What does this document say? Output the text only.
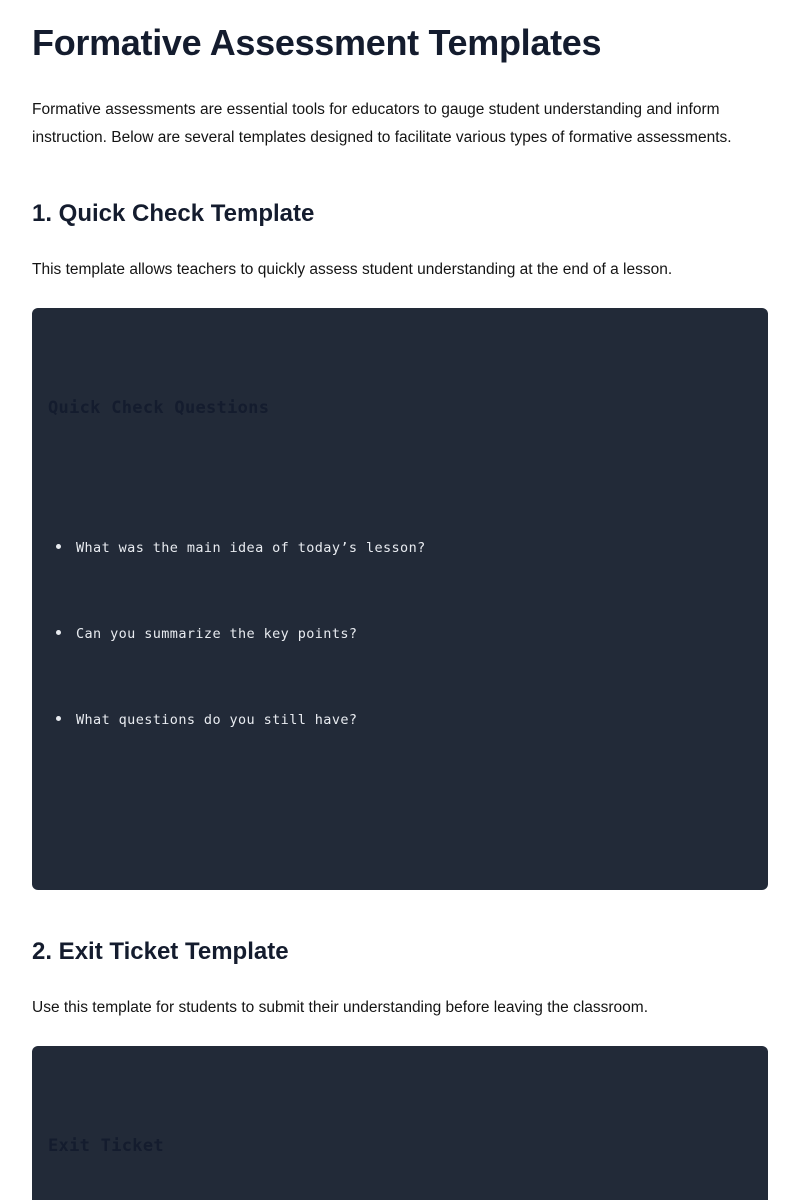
Formative Assessment Templates

Formative assessments are essential tools for educators to gauge student understanding and inform instruction. Below are several templates designed to facilitate various types of formative assessments.

1. Quick Check Template

This template allows teachers to quickly assess student understanding at the end of a lesson.

Quick Check Questions
What was the main idea of today’s lesson?
Can you summarize the key points?
What questions do you still have?
2. Exit Ticket Template

Use this template for students to submit their understanding before leaving the classroom.

Exit Ticket
